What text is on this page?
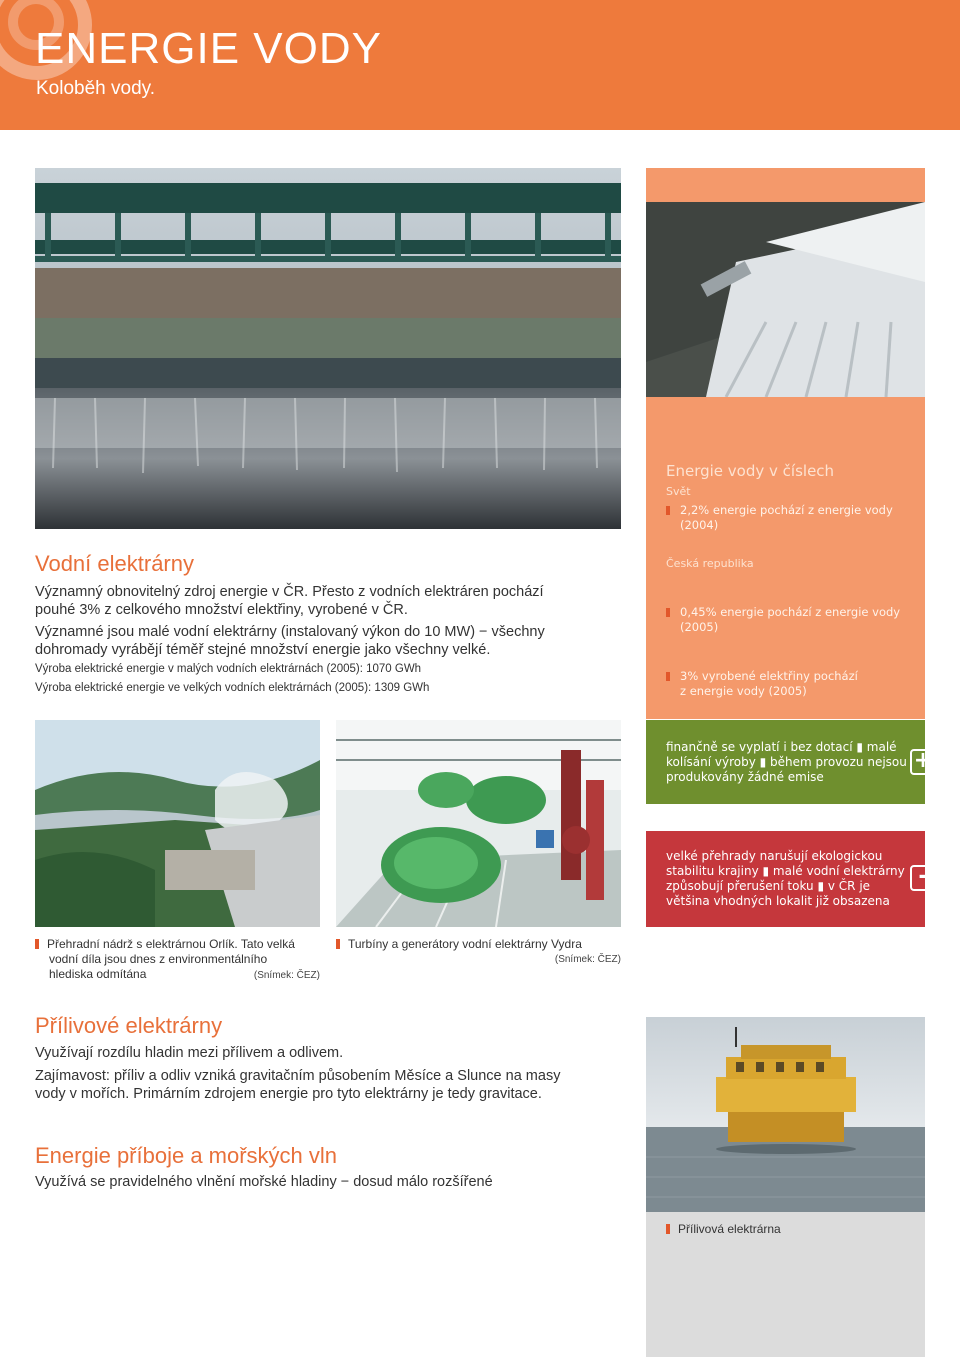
ENERGIE VODY
Koloběh vody.
Energie vody v číslech
Svět
2,2% energie pochází z energie vody
(2004)
Česká republika
0,45% energie pochází z energie vody
(2005)
3% vyrobené elektřiny pochází
z energie vody (2005)
Vodní elektrárny
Významný obnovitelný zdroj energie v ČR. Přesto z vodních elektráren pochází
pouhé 3% z celkového množství elektřiny, vyrobené v ČR.
Významné jsou malé vodní elektrárny (instalovaný výkon do 10 MW) − všechny
dohromady vyrábějí téměř stejné množství energie jako všechny velké.
Výroba elektrické energie v malých vodních elektrárnách (2005): 1070 GWh
Výroba elektrické energie ve velkých vodních elektrárnách (2005): 1309 GWh
finančně se vyplatí i bez dotací ▮ malé
kolísání výroby ▮ během provozu nejsou
produkovány žádné emise
+
velké přehrady narušují ekologickou
stabilitu krajiny ▮ malé vodní elektrárny
způsobují přerušení toku ▮ v ČR je
většina vhodných lokalit již obsazena
-
Přehradní nádrž s elektrárnou Orlík. Tato velká
vodní díla jsou dnes z environmentálního
hlediska odmítána	(Snímek: ČEZ)
Turbíny a generátory vodní elektrárny Vydra
(Snímek: ČEZ)
Přílivové elektrárny
Využívají rozdílu hladin mezi přílivem a odlivem.
Zajímavost: příliv a odliv vzniká gravitačním působením Měsíce a Slunce na masy
vody v mořích. Primárním zdrojem energie pro tyto elektrárny je tedy gravitace.
Energie příboje a mořských vln
Využívá se pravidelného vlnění mořské hladiny − dosud málo rozšířené
Přílivová elektrárna
